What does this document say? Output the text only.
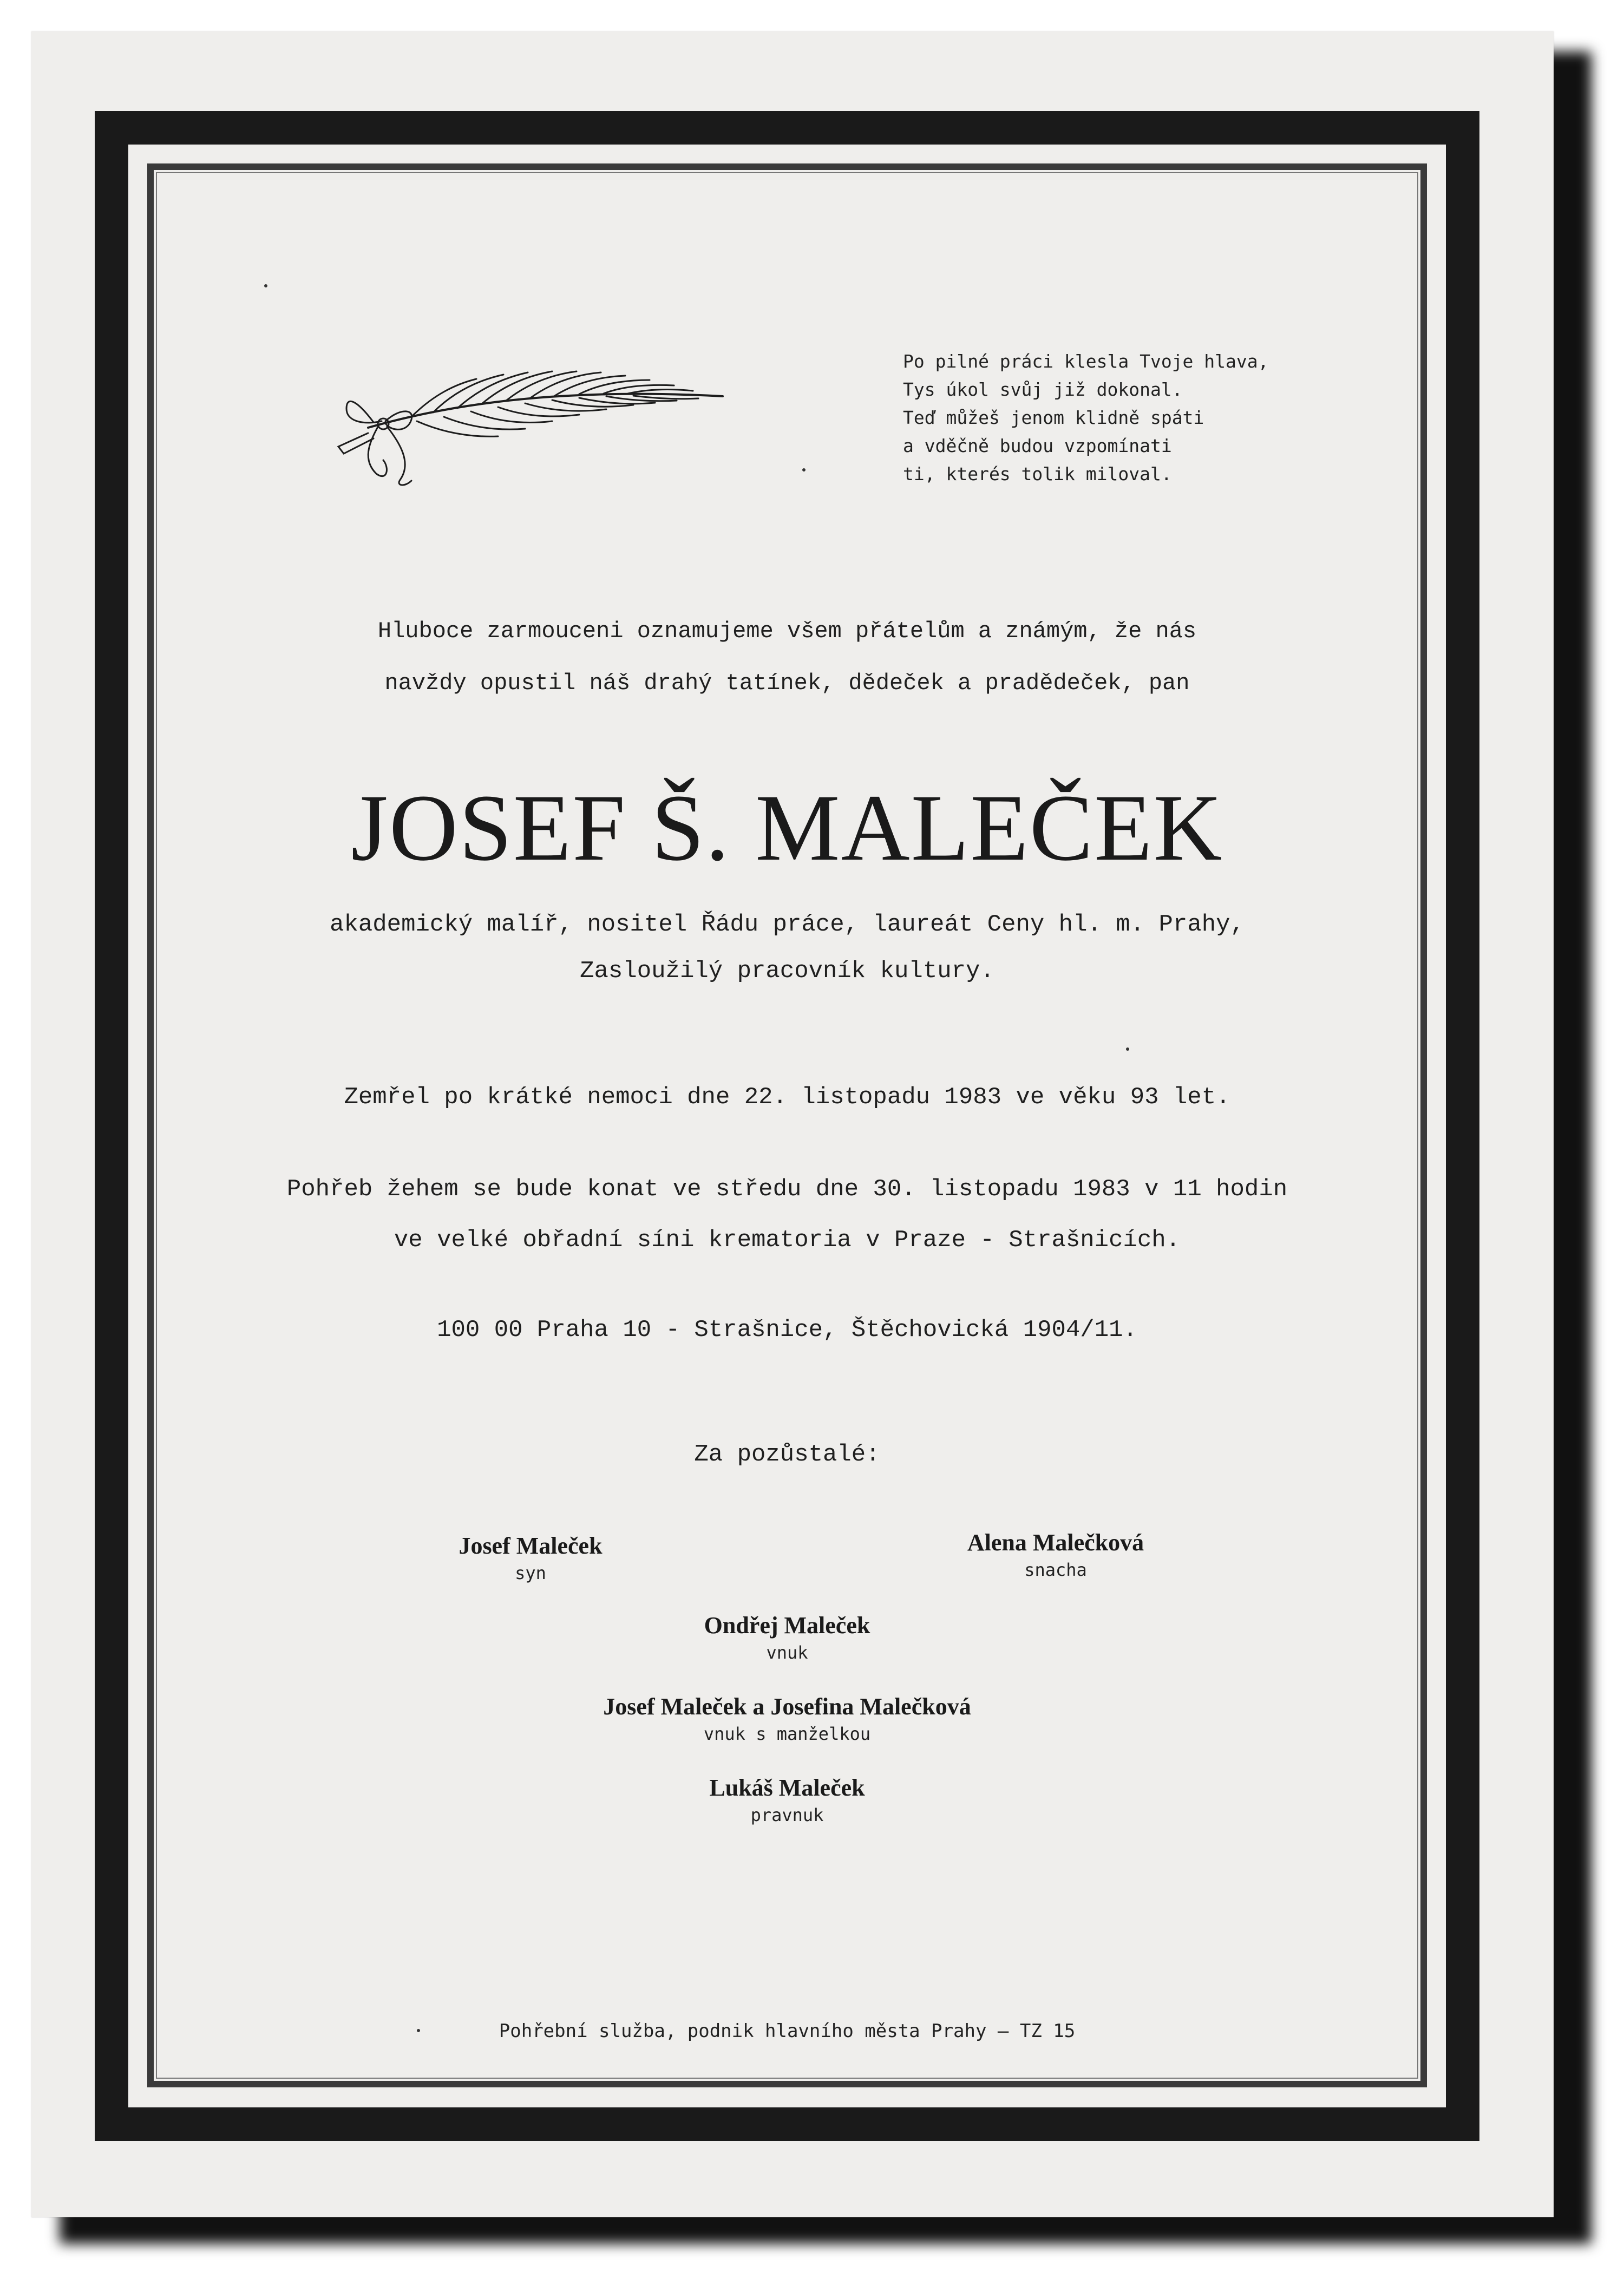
Po pilné práci klesla Tvoje hlava,
Tys úkol svůj již dokonal.
Teď můžeš jenom klidně spáti
a vděčně budou vzpomínati
ti, kterés tolik miloval.
Hluboce zarmouceni oznamujeme všem přátelům a známým, že nás
navždy opustil náš drahý tatínek, dědeček a pradědeček, pan
JOSEF Š. MALEČEK
akademický malíř, nositel Řádu práce, laureát Ceny hl. m. Prahy,
Zasloužilý pracovník kultury.
Zemřel po krátké nemoci dne 22. listopadu 1983 ve věku 93 let.
Pohřeb žehem se bude konat ve středu dne 30. listopadu 1983 v 11 hodin
ve velké obřadní síni krematoria v Praze - Strašnicích.
100 00 Praha 10 - Strašnice, Štěchovická 1904/11.
Za pozůstalé:
Josef Maleček
syn
Alena Malečková
snacha
Ondřej Maleček
vnuk
Josef Maleček a Josefina Malečková
vnuk s manželkou
Lukáš Maleček
pravnuk
Pohřební služba, podnik hlavního města Prahy — TZ 15
